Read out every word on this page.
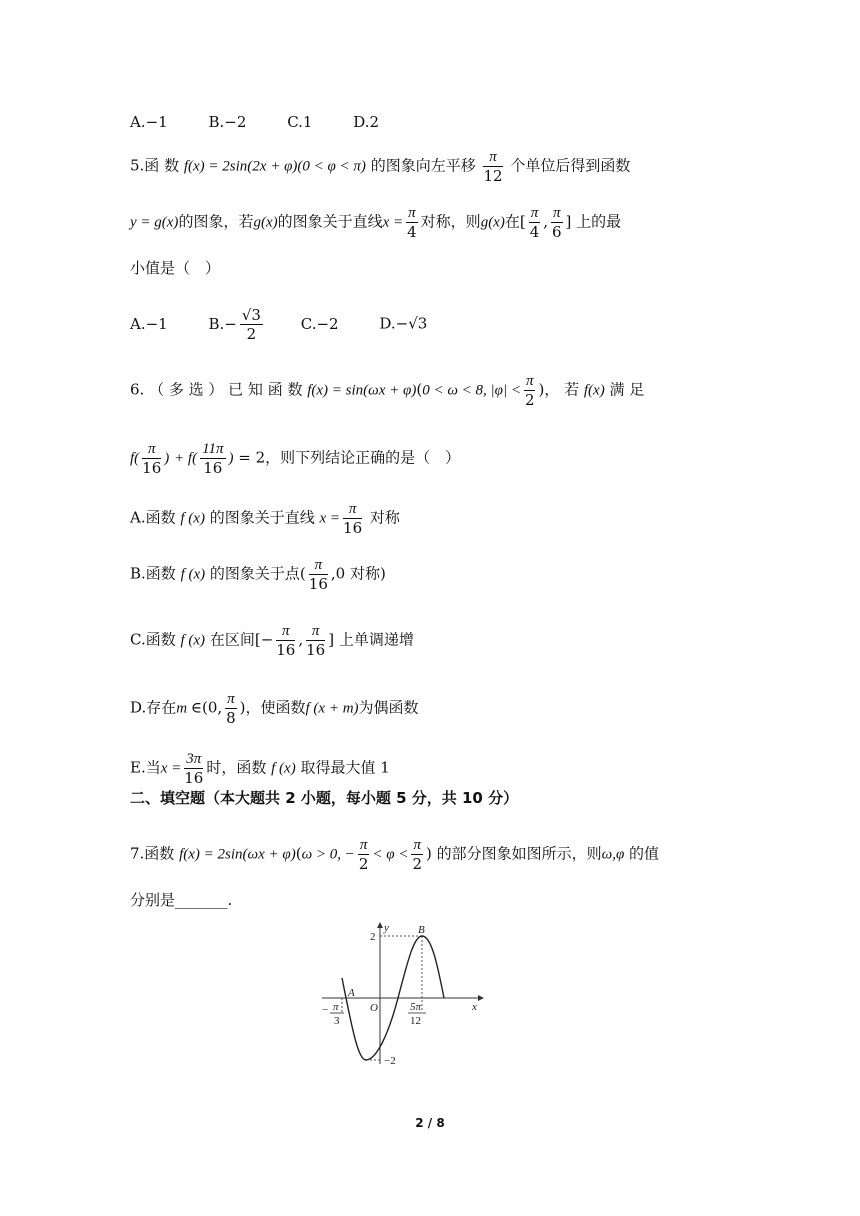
A.−1	B.−2	C.1	D.2
5.函 数 f(x) = 2sin(2x + φ)(0 < φ < π) 的图象向左平移 $\frac{\pi}{12}$ 个单位后得到函数
y = g(x)的图象，若g(x)的图象关于直线$x = \frac{\pi}{4}$ 对称，则g(x)在[ $\frac{\pi}{4}$ , $\frac{\pi}{6}$ ] 上的最
小值是（　）
A.−1	$B.- \frac{√3}{2}$	C.−2	D.−√3
6. （ 多 选 ） 已 知 函 数 f(x) = sin(ωx + φ)(0 < ω < 8, $|\varphi| < \frac{\pi}{2}$ )， 若 f(x) 满 足
$f( \frac{\pi}{16}$ ) + $f( \frac{11\pi}{16}$ ) = 2，则下列结论正确的是（　）
A.函数 f (x) 的图象关于直线 $x = \frac{\pi}{16}$ 对称
B.函数 f (x) 的图象关于点( $\frac{\pi}{16} ,0$ 对称)
C.函数 f (x) 在区间[− $\frac{\pi}{16}$ , $\frac{\pi}{16}$ ] 上单调递增
D.存在m ∈(0, $\frac{\pi}{8}$ )，使函数f (x + m)为偶函数
E.当$x = \frac{3\pi}{16}$ 时，函数 f (x) 取得最大值 1
二、填空题（本大题共 2 小题，每小题 5 分，共 10 分）
7.函数 f(x) = 2sin(ωx + φ)(ω > 0, − $\frac{\pi}{2} < \varphi < \frac{\pi}{2}$ ) 的部分图象如图所示，则ω,φ 的值
分别是_______.
y
x
2
−2
A
B
O
− π
3
5π
12
2 / 8
